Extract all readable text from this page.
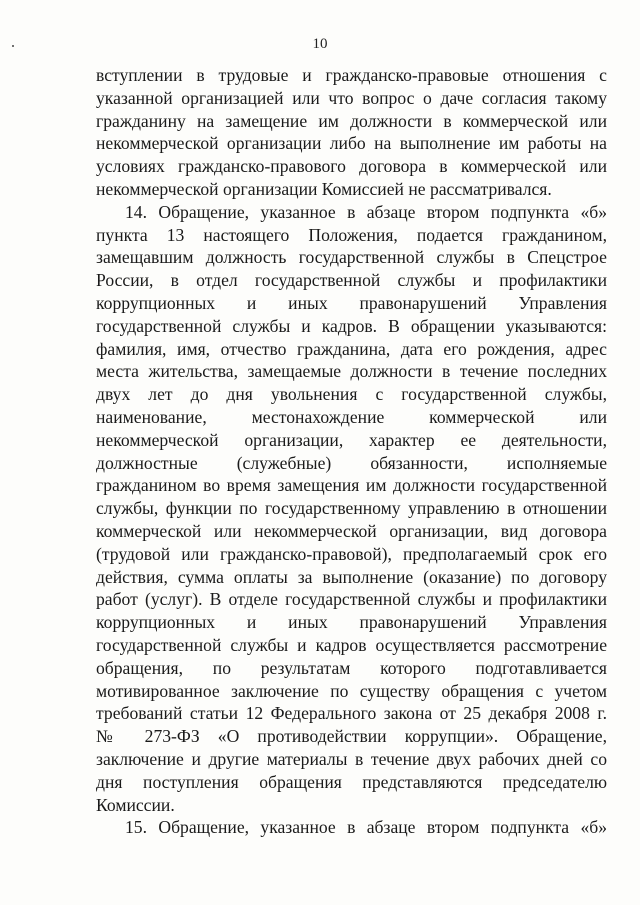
10
вступлении в трудовые и гражданско-правовые отношения с
указанной организацией или что вопрос о даче согласия такому
гражданину на замещение им должности в коммерческой или
некоммерческой организации либо на выполнение им работы на
условиях гражданско-правового договора в коммерческой или
некоммерческой организации Комиссией не рассматривался.
14. Обращение, указанное в абзаце втором подпункта «б»
пункта 13 настоящего Положения, подается гражданином,
замещавшим должность государственной службы в Спецстрое
России, в отдел государственной службы и профилактики
коррупционных и иных правонарушений Управления
государственной службы и кадров. В обращении указываются:
фамилия, имя, отчество гражданина, дата его рождения, адрес
места жительства, замещаемые должности в течение последних
двух лет до дня увольнения с государственной службы,
наименование, местонахождение коммерческой или
некоммерческой организации, характер ее деятельности,
должностные (служебные) обязанности, исполняемые
гражданином во время замещения им должности государственной
службы, функции по государственному управлению в отношении
коммерческой или некоммерческой организации, вид договора
(трудовой или гражданско-правовой), предполагаемый срок его
действия, сумма оплаты за выполнение (оказание) по договору
работ (услуг). В отделе государственной службы и профилактики
коррупционных и иных правонарушений Управления
государственной службы и кадров осуществляется рассмотрение
обращения, по результатам которого подготавливается
мотивированное заключение по существу обращения с учетом
требований статьи 12 Федерального закона от 25 декабря 2008 г.
№ 273-ФЗ «О противодействии коррупции». Обращение,
заключение и другие материалы в течение двух рабочих дней со
дня поступления обращения представляются председателю
Комиссии.
15. Обращение, указанное в абзаце втором подпункта «б»
